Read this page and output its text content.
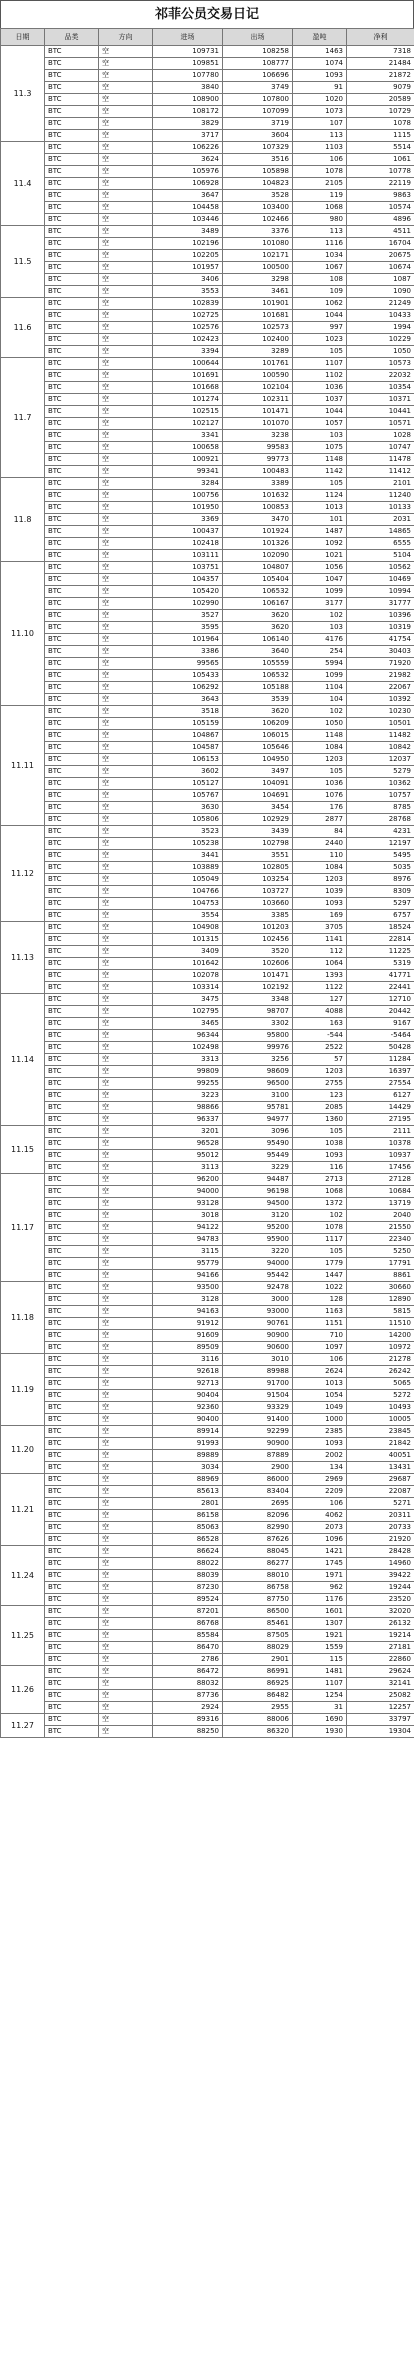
祁菲公员交易日记
日期	品类	方向	进场	出场	盈吨	净利
11.3	BTC	空	109731	108258	1463	7318
	BTC	空	109851	108777	1074	21484
	BTC	空	107780	106696	1093	21872
	BTC	空	3840	3749	91	9079
	BTC	空	108900	107800	1020	20589
	BTC	空	108172	107099	1073	10729
	BTC	空	3829	3719	107	1078
	BTC	空	3717	3604	113	1115
11.4	BTC	空	106226	107329	1103	5514
	BTC	空	3624	3516	106	1061
	BTC	空	105976	105898	1078	10778
	BTC	空	106928	104823	2105	22119
	BTC	空	3647	3528	119	9863
	BTC	空	104458	103400	1068	10574
	BTC	空	103446	102466	980	4896
11.5	BTC	空	3489	3376	113	4511
	BTC	空	102196	101080	1116	16704
	BTC	空	102205	102171	1034	20675
	BTC	空	101957	100500	1067	10674
	BTC	空	3406	3298	108	1087
	BTC	空	3553	3461	109	1090
11.6	BTC	空	102839	101901	1062	21249
	BTC	空	102725	101681	1044	10433
	BTC	空	102576	102573	997	1994
	BTC	空	102423	102400	1023	10229
	BTC	空	3394	3289	105	1050
11.7	BTC	空	100644	101761	1107	10573
	BTC	空	101691	100590	1102	22032
	BTC	空	101668	102104	1036	10354
	BTC	空	101274	102311	1037	10371
	BTC	空	102515	101471	1044	10441
	BTC	空	102127	101070	1057	10571
	BTC	空	3341	3238	103	1028
	BTC	空	100658	99583	1075	10747
	BTC	空	100921	99773	1148	11478
	BTC	空	99341	100483	1142	11412
11.8	BTC	空	3284	3389	105	2101
	BTC	空	100756	101632	1124	11240
	BTC	空	101950	100853	1013	10133
	BTC	空	3369	3470	101	2031
	BTC	空	100437	101924	1487	14865
	BTC	空	102418	101326	1092	6555
	BTC	空	103111	102090	1021	5104
11.10	BTC	空	103751	104807	1056	10562
	BTC	空	104357	105404	1047	10469
	BTC	空	105420	106532	1099	10994
	BTC	空	102990	106167	3177	31777
	BTC	空	3527	3620	102	10396
	BTC	空	3595	3620	103	10319
	BTC	空	101964	106140	4176	41754
	BTC	空	3386	3640	254	30403
	BTC	空	99565	105559	5994	71920
	BTC	空	105433	106532	1099	21982
	BTC	空	106292	105188	1104	22067
	BTC	空	3643	3539	104	10392
11.11	BTC	空	3518	3620	102	10230
	BTC	空	105159	106209	1050	10501
	BTC	空	104867	106015	1148	11482
	BTC	空	104587	105646	1084	10842
	BTC	空	106153	104950	1203	12037
	BTC	空	3602	3497	105	5279
	BTC	空	105127	104091	1036	10362
	BTC	空	105767	104691	1076	10757
	BTC	空	3630	3454	176	8785
	BTC	空	105806	102929	2877	28768
11.12	BTC	空	3523	3439	84	4231
	BTC	空	105238	102798	2440	12197
	BTC	空	3441	3551	110	5495
	BTC	空	103889	102805	1084	5035
	BTC	空	105049	103254	1203	8976
	BTC	空	104766	103727	1039	8309
	BTC	空	104753	103660	1093	5297
	BTC	空	3554	3385	169	6757
11.13	BTC	空	104908	101203	3705	18524
	BTC	空	101315	102456	1141	22814
	BTC	空	3409	3520	112	11225
	BTC	空	101642	102606	1064	5319
	BTC	空	102078	101471	1393	41771
	BTC	空	103314	102192	1122	22441
11.14	BTC	空	3475	3348	127	12710
	BTC	空	102795	98707	4088	20442
	BTC	空	3465	3302	163	9167
	BTC	空	96344	95800	-544	-5464
	BTC	空	102498	99976	2522	50428
	BTC	空	3313	3256	57	11284
	BTC	空	99809	98609	1203	16397
	BTC	空	99255	96500	2755	27554
	BTC	空	3223	3100	123	6127
	BTC	空	98866	95781	2085	14429
	BTC	空	96337	94977	1360	27195
11.15	BTC	空	3201	3096	105	2111
	BTC	空	96528	95490	1038	10378
	BTC	空	95012	95449	1093	10937
	BTC	空	3113	3229	116	17456
11.17	BTC	空	96200	94487	2713	27128
	BTC	空	94000	96198	1068	10684
	BTC	空	93128	94500	1372	13719
	BTC	空	3018	3120	102	2040
	BTC	空	94122	95200	1078	21550
	BTC	空	94783	95900	1117	22340
	BTC	空	3115	3220	105	5250
	BTC	空	95779	94000	1779	17791
	BTC	空	94166	95442	1447	8861
11.18	BTC	空	93500	92478	1022	30660
	BTC	空	3128	3000	128	12890
	BTC	空	94163	93000	1163	5815
	BTC	空	91912	90761	1151	11510
	BTC	空	91609	90900	710	14200
	BTC	空	89509	90600	1097	10972
11.19	BTC	空	3116	3010	106	21278
	BTC	空	92618	89988	2624	26242
	BTC	空	92713	91700	1013	5065
	BTC	空	90404	91504	1054	5272
	BTC	空	92360	93329	1049	10493
	BTC	空	90400	91400	1000	10005
11.20	BTC	空	89914	92299	2385	23845
	BTC	空	91993	90900	1093	21842
	BTC	空	89889	87889	2002	40051
	BTC	空	3034	2900	134	13431
11.21	BTC	空	88969	86000	2969	29687
	BTC	空	85613	83404	2209	22087
	BTC	空	2801	2695	106	5271
	BTC	空	86158	82096	4062	20311
	BTC	空	85063	82990	2073	20733
	BTC	空	86528	87626	1096	21920
11.24	BTC	空	86624	88045	1421	28428
	BTC	空	88022	86277	1745	14960
	BTC	空	88039	88010	1971	39422
	BTC	空	87230	86758	962	19244
	BTC	空	89524	87750	1176	23520
11.25	BTC	空	87201	86500	1601	32020
	BTC	空	86768	85461	1307	26132
	BTC	空	85584	87505	1921	19214
	BTC	空	86470	88029	1559	27181
	BTC	空	2786	2901	115	22860
11.26	BTC	空	86472	86991	1481	29624
	BTC	空	88032	86925	1107	32141
	BTC	空	87736	86482	1254	25082
	BTC	空	2924	2955	31	12257
11.27	BTC	空	89316	88006	1690	33797
	BTC	空	88250	86320	1930	19304
